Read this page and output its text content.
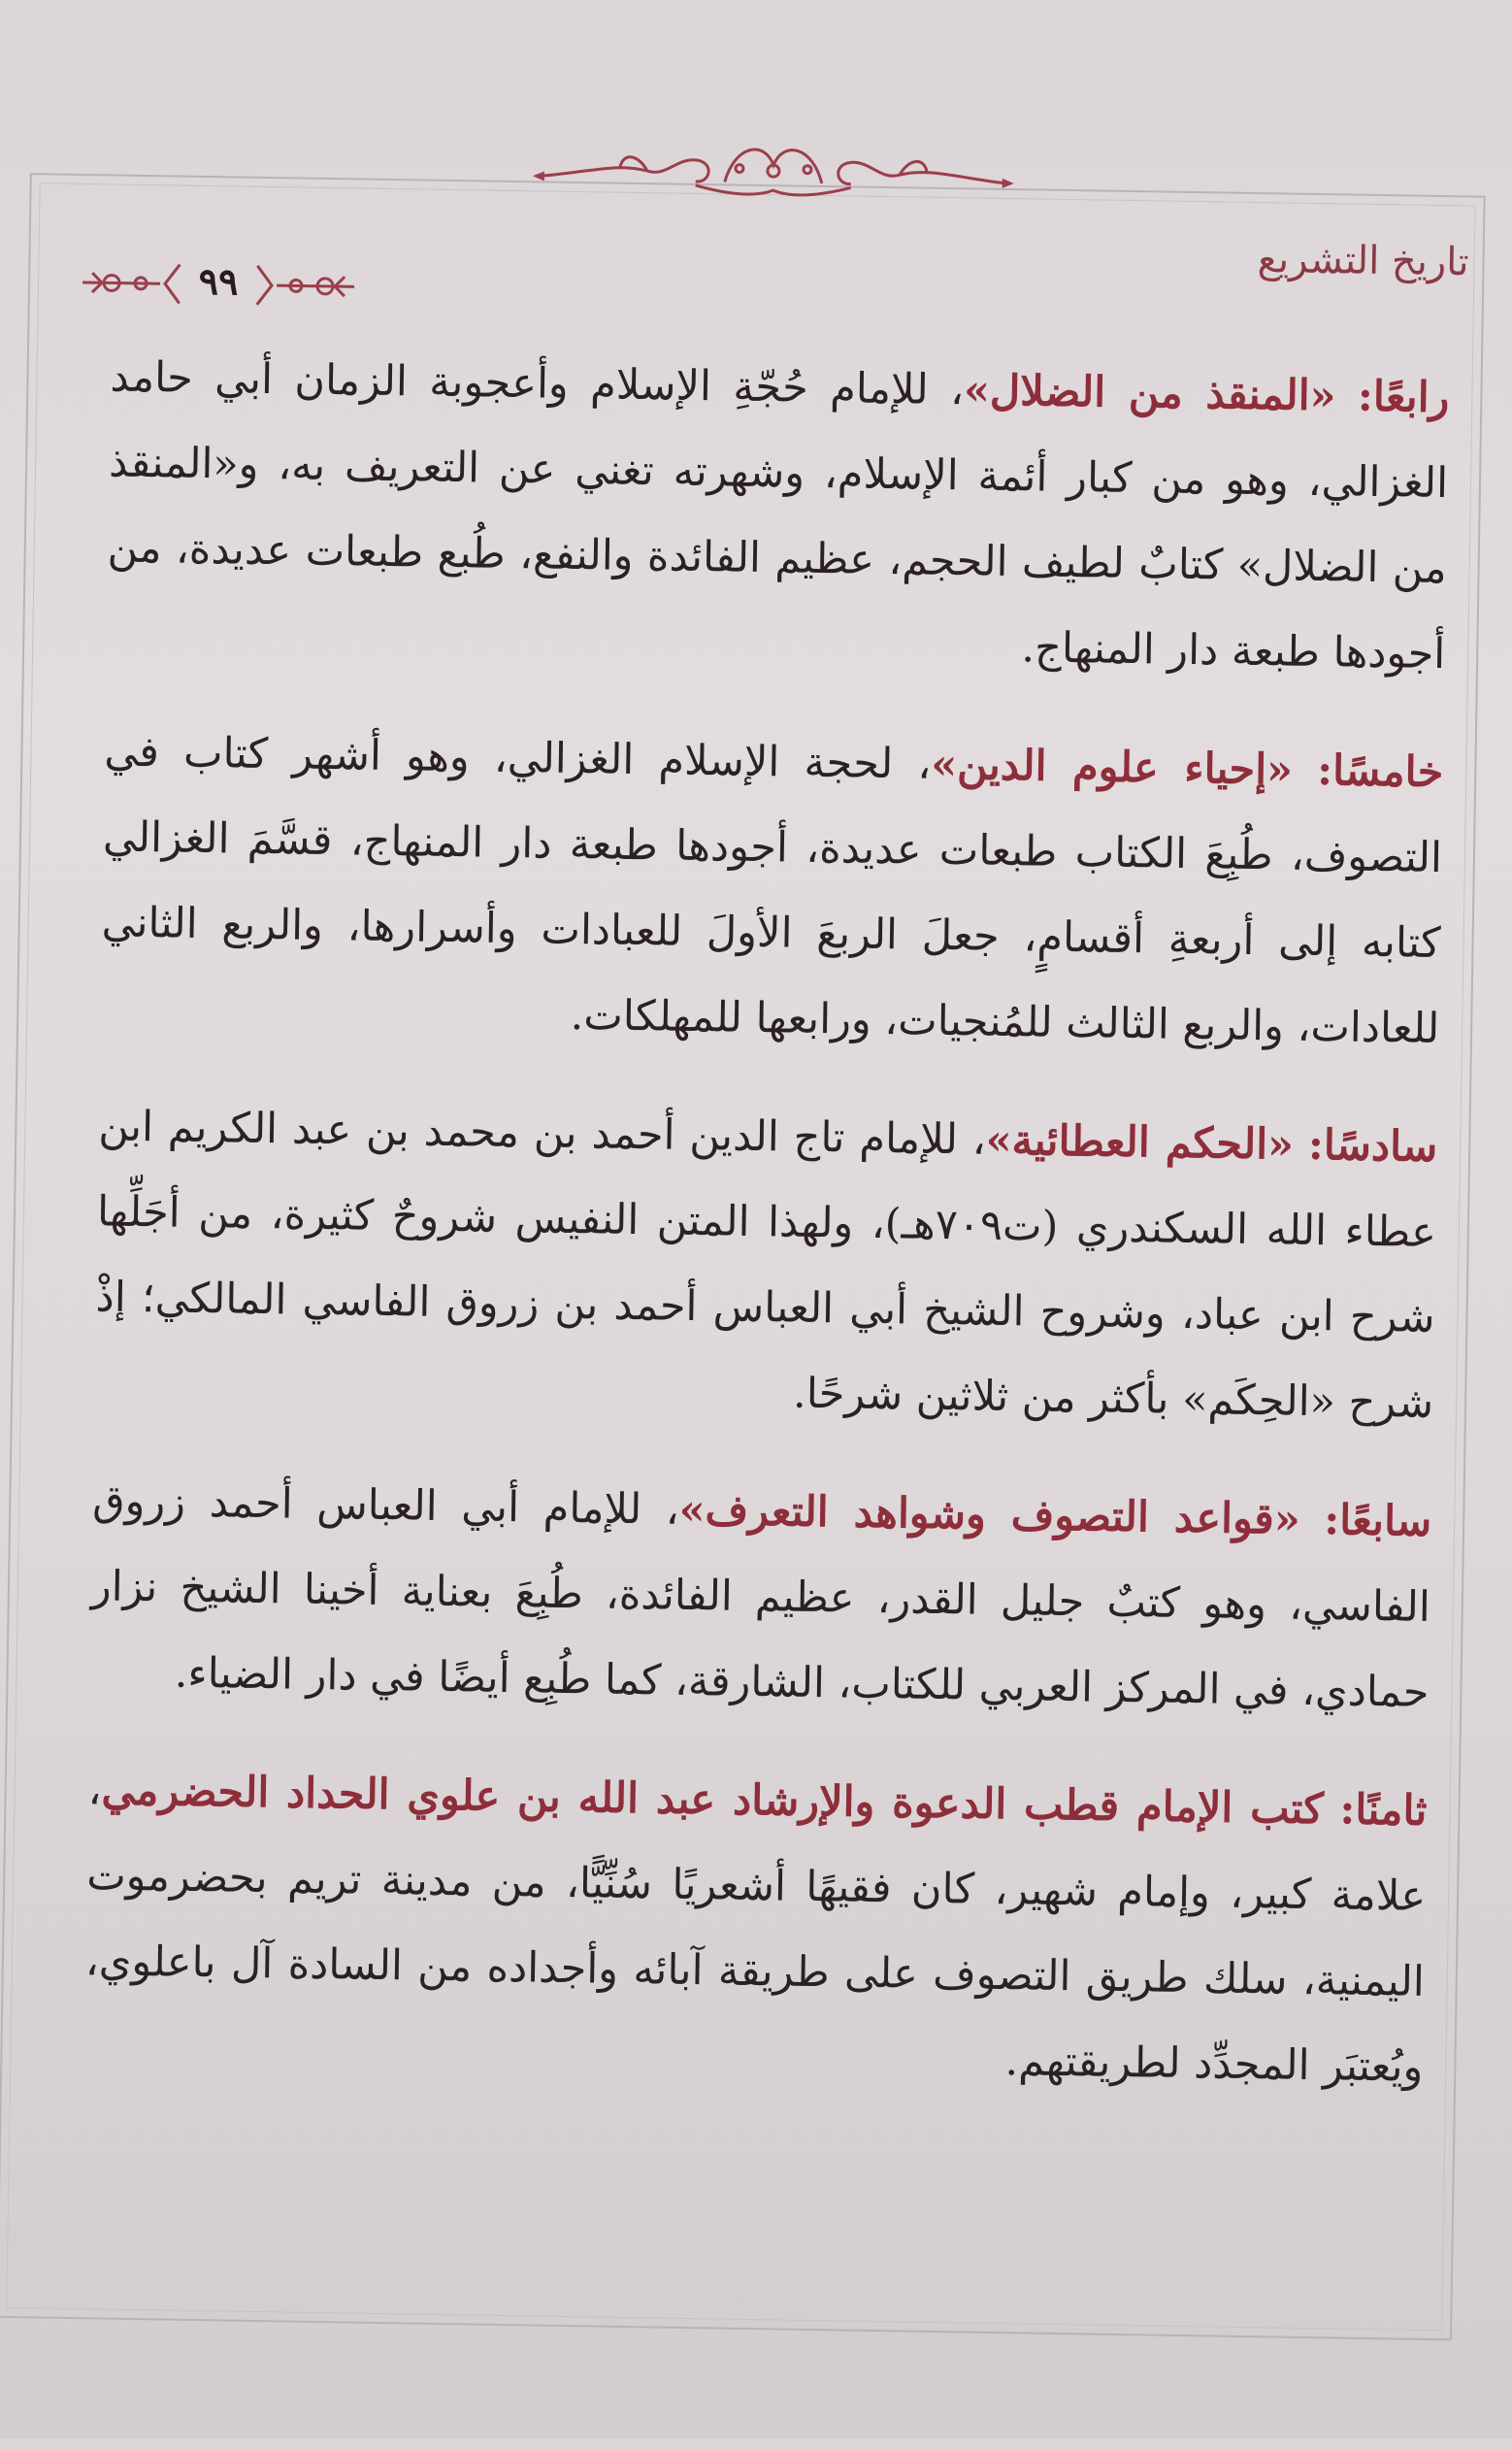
تاريخ التشريع
٩٩

رابعًا: «المنقذ من الضلال»، للإمام حُجّةِ الإسلام وأعجوبة الزمان أبي حامد الغزالي، وهو من كبار أئمة الإسلام، وشهرته تغني عن التعريف به، و«المنقذ من الضلال» كتابٌ لطيف الحجم، عظيم الفائدة والنفع، طُبع طبعات عديدة، من أجودها طبعة دار المنهاج.

خامسًا: «إحياء علوم الدين»، لحجة الإسلام الغزالي، وهو أشهر كتاب في التصوف، طُبِعَ الكتاب طبعات عديدة، أجودها طبعة دار المنهاج، قسَّمَ الغزالي كتابه إلى أربعةِ أقسامٍ، جعلَ الربعَ الأولَ للعبادات وأسرارها، والربع الثاني للعادات، والربع الثالث للمُنجيات، ورابعها للمهلكات.

سادسًا: «الحكم العطائية»، للإمام تاج الدين أحمد بن محمد بن عبد الكريم ابن عطاء الله السكندري (ت٧٠٩هـ)، ولهذا المتن النفيس شروحٌ كثيرة، من أجَلِّها شرح ابن عباد، وشروح الشيخ أبي العباس أحمد بن زروق الفاسي المالكي؛ إذْ شرح «الحِكَم» بأكثر من ثلاثين شرحًا.

سابعًا: «قواعد التصوف وشواهد التعرف»، للإمام أبي العباس أحمد زروق الفاسي، وهو كتبٌ جليل القدر، عظيم الفائدة، طُبِعَ بعناية أخينا الشيخ نزار حمادي، في المركز العربي للكتاب، الشارقة، كما طُبِع أيضًا في دار الضياء.

ثامنًا: كتب الإمام قطب الدعوة والإرشاد عبد الله بن علوي الحداد الحضرمي، علامة كبير، وإمام شهير، كان فقيهًا أشعريًا سُنِّيًّا، من مدينة تريم بحضرموت اليمنية، سلك طريق التصوف على طريقة آبائه وأجداده من السادة آل باعلوي، ويُعتبَر المجدِّد لطريقتهم.
